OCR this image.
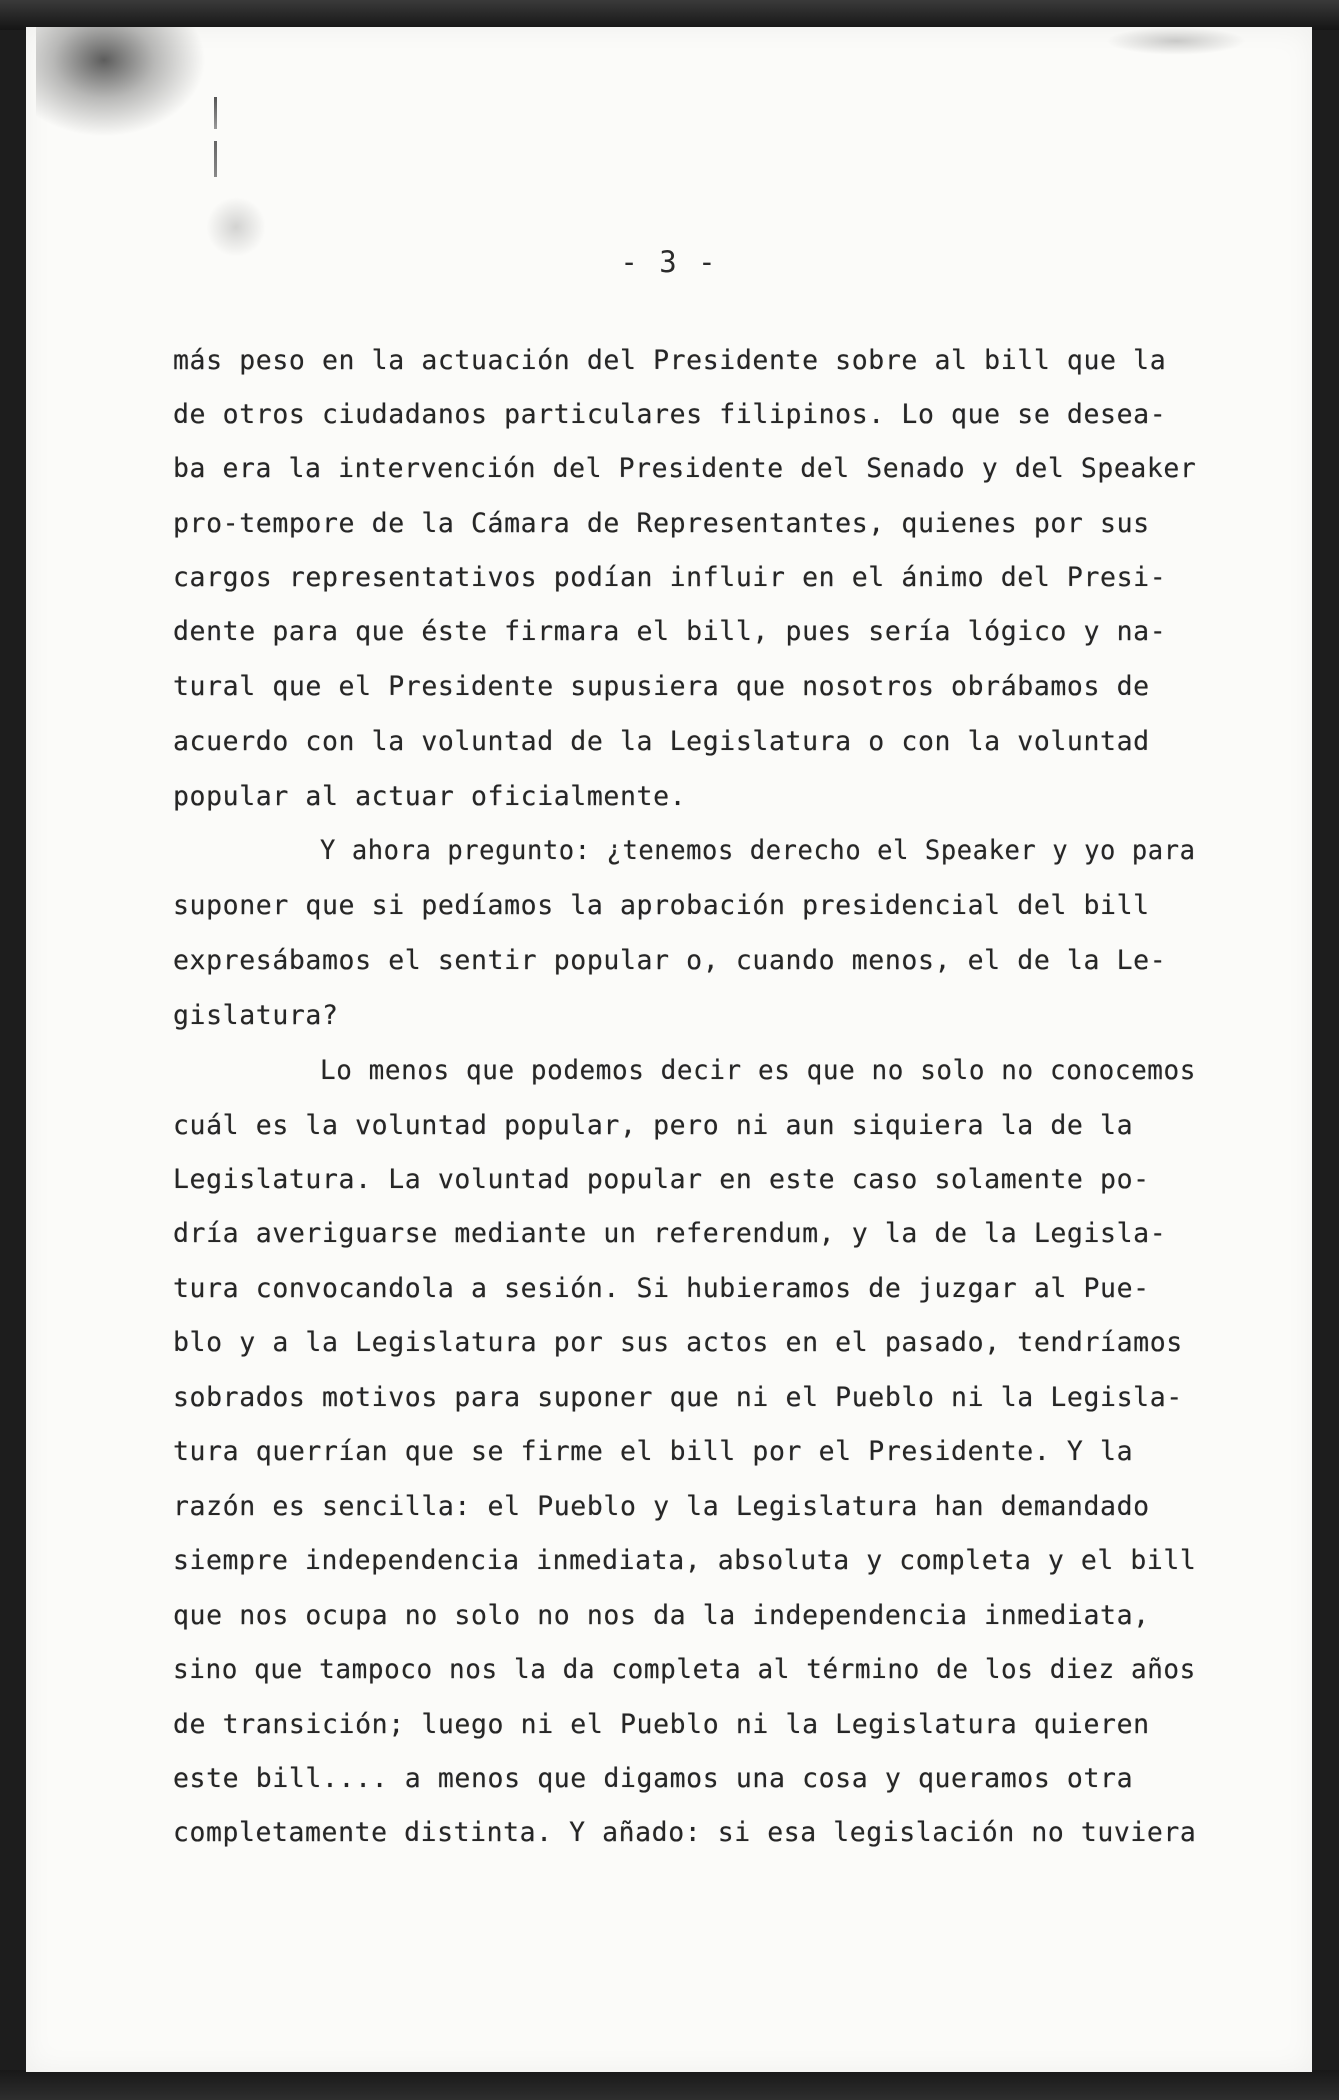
- 3 -
más peso en la actuación del Presidente sobre al bill que la
de otros ciudadanos particulares filipinos. Lo que se desea-
ba era la intervención del Presidente del Senado y del Speaker
pro-tempore de la Cámara de Representantes, quienes por sus
cargos representativos podían influir en el ánimo del Presi-
dente para que éste firmara el bill, pues sería lógico y na-
tural que el Presidente supusiera que nosotros obrábamos de
acuerdo con la voluntad de la Legislatura o con la voluntad
popular al actuar oficialmente.
Y ahora pregunto: ¿tenemos derecho el Speaker y yo para
suponer que si pedíamos la aprobación presidencial del bill
expresábamos el sentir popular o, cuando menos, el de la Le-
gislatura?
Lo menos que podemos decir es que no solo no conocemos
cuál es la voluntad popular, pero ni aun siquiera la de la
Legislatura. La voluntad popular en este caso solamente po-
dría averiguarse mediante un referendum, y la de la Legisla-
tura convocandola a sesión. Si hubieramos de juzgar al Pue-
blo y a la Legislatura por sus actos en el pasado, tendríamos
sobrados motivos para suponer que ni el Pueblo ni la Legisla-
tura querrían que se firme el bill por el Presidente. Y la
razón es sencilla: el Pueblo y la Legislatura han demandado
siempre independencia inmediata, absoluta y completa y el bill
que nos ocupa no solo no nos da la independencia inmediata,
sino que tampoco nos la da completa al término de los diez años
de transición; luego ni el Pueblo ni la Legislatura quieren
este bill.... a menos que digamos una cosa y queramos otra
completamente distinta. Y añado: si esa legislación no tuviera
